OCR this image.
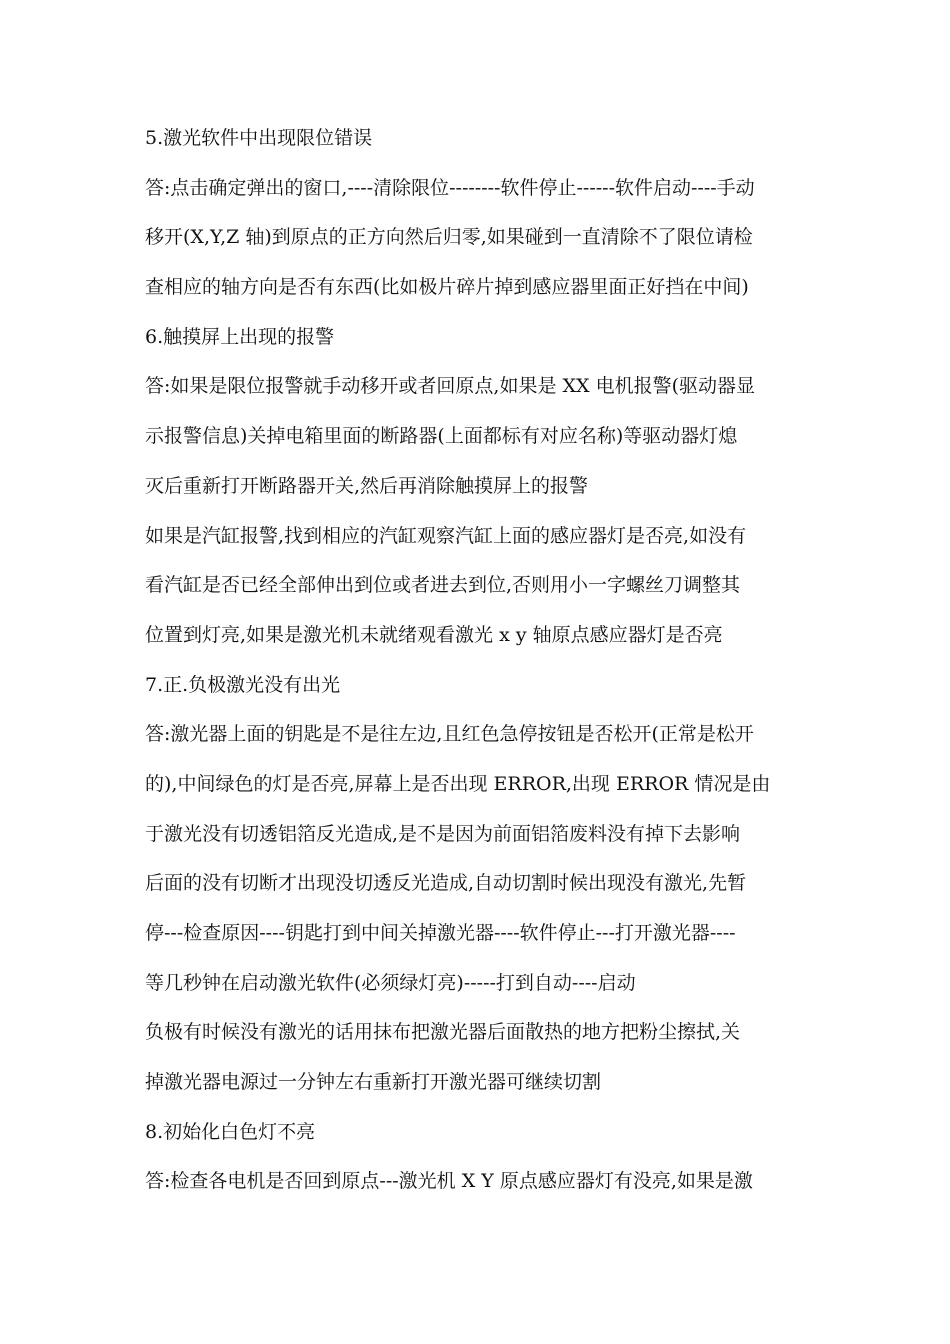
5.激光软件中出现限位错误
答:点击确定弹出的窗口,----清除限位--------软件停止------软件启动----手动
移开(X,Y,Z 轴)到原点的正方向然后归零,如果碰到一直清除不了限位请检
查相应的轴方向是否有东西(比如极片碎片掉到感应器里面正好挡在中间)
6.触摸屏上出现的报警
答:如果是限位报警就手动移开或者回原点,如果是 XX 电机报警(驱动器显
示报警信息)关掉电箱里面的断路器(上面都标有对应名称)等驱动器灯熄
灭后重新打开断路器开关,然后再消除触摸屏上的报警
如果是汽缸报警,找到相应的汽缸观察汽缸上面的感应器灯是否亮,如没有
看汽缸是否已经全部伸出到位或者进去到位,否则用小一字螺丝刀调整其
位置到灯亮,如果是激光机未就绪观看激光 x y 轴原点感应器灯是否亮
7.正.负极激光没有出光
答:激光器上面的钥匙是不是往左边,且红色急停按钮是否松开(正常是松开
的),中间绿色的灯是否亮,屏幕上是否出现 ERROR,出现 ERROR 情况是由
于激光没有切透铝箔反光造成,是不是因为前面铝箔废料没有掉下去影响
后面的没有切断才出现没切透反光造成,自动切割时候出现没有激光,先暂
停---检查原因----钥匙打到中间关掉激光器----软件停止---打开激光器----
等几秒钟在启动激光软件(必须绿灯亮)-----打到自动----启动
负极有时候没有激光的话用抹布把激光器后面散热的地方把粉尘擦拭,关
掉激光器电源过一分钟左右重新打开激光器可继续切割
8.初始化白色灯不亮
答:检查各电机是否回到原点---激光机 X Y 原点感应器灯有没亮,如果是激
